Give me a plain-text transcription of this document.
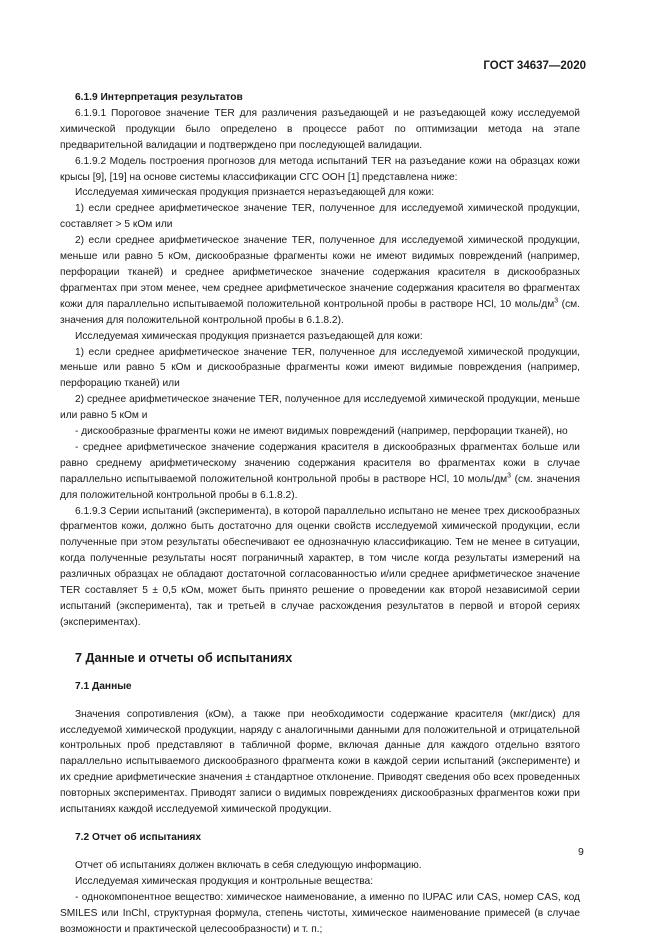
ГОСТ 34637—2020

6.1.9 Интерпретация результатов

6.1.9.1 Пороговое значение TER для различения разъедающей и не разъедающей кожу исследуемой химической продукции было определено в процессе работ по оптимизации метода на этапе предварительной валидации и подтверждено при последующей валидации.

6.1.9.2 Модель построения прогнозов для метода испытаний TER на разъедание кожи на образцах кожи крысы [9], [19] на основе системы классификации СГС ООН [1] представлена ниже:

Исследуемая химическая продукция признается неразъедающей для кожи:

1) если среднее арифметическое значение TER, полученное для исследуемой химической продукции, составляет > 5 кОм или

2) если среднее арифметическое значение TER, полученное для исследуемой химической продукции, меньше или равно 5 кОм, дискообразные фрагменты кожи не имеют видимых повреждений (например, перфорации тканей) и среднее арифметическое значение содержания красителя в дискообразных фрагментах при этом менее, чем среднее арифметическое значение содержания красителя во фрагментах кожи для параллельно испытываемой положительной контрольной пробы в растворе HCl, 10 моль/$дм^3$ (см. значения для положительной контрольной пробы в 6.1.8.2).

Исследуемая химическая продукция признается разъедающей для кожи:

1) если среднее арифметическое значение TER, полученное для исследуемой химической продукции, меньше или равно 5 кОм и дискообразные фрагменты кожи имеют видимые повреждения (например, перфорацию тканей) или

2) среднее арифметическое значение TER, полученное для исследуемой химической продукции, меньше или равно 5 кОм и

- дискообразные фрагменты кожи не имеют видимых повреждений (например, перфорации тканей), но

- среднее арифметическое значение содержания красителя в дискообразных фрагментах больше или равно среднему арифметическому значению содержания красителя во фрагментах кожи в случае параллельно испытываемой положительной контрольной пробы в растворе HCl, 10 моль/$дм^3$ (см. значения для положительной контрольной пробы в 6.1.8.2).

6.1.9.3 Серии испытаний (эксперимента), в которой параллельно испытано не менее трех дискообразных фрагментов кожи, должно быть достаточно для оценки свойств исследуемой химической продукции, если полученные при этом результаты обеспечивают ее однозначную классификацию. Тем не менее в ситуации, когда полученные результаты носят пограничный характер, в том числе когда результаты измерений на различных образцах не обладают достаточной согласованностью и/или среднее арифметическое значение TER составляет 5 ± 0,5 кОм, может быть принято решение о проведении как второй независимой серии испытаний (эксперимента), так и третьей в случае расхождения результатов в первой и второй сериях (экспериментах).

7 Данные и отчеты об испытаниях
7.1 Данные

Значения сопротивления (кОм), а также при необходимости содержание красителя (мкг/диск) для исследуемой химической продукции, наряду с аналогичными данными для положительной и отрицательной контрольных проб представляют в табличной форме, включая данные для каждого отдельно взятого параллельно испытываемого дискообразного фрагмента кожи в каждой серии испытаний (эксперименте) и их средние арифметические значения ± стандартное отклонение. Приводят сведения обо всех проведенных повторных экспериментах. Приводят записи о видимых повреждениях дискообразных фрагментов кожи при испытаниях каждой исследуемой химической продукции.

7.2 Отчет об испытаниях

Отчет об испытаниях должен включать в себя следующую информацию.

Исследуемая химическая продукция и контрольные вещества:

- однокомпонентное вещество: химическое наименование, а именно по IUPAC или CAS, номер CAS, код SMILES или InChI, структурная формула, степень чистоты, химическое наименование примесей (в случае возможности и практической целесообразности) и т. п.;

9
